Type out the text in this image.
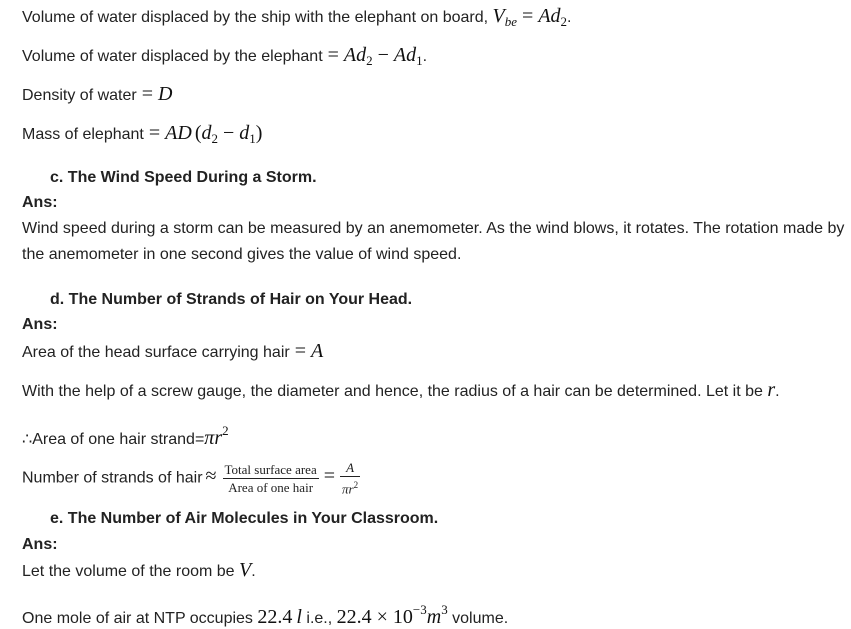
Volume of water displaced by the ship with the elephant on board, $V_{be} = Ad_2$.
Volume of water displaced by the elephant = $Ad_2 - Ad_1$.
Density of water = D
Mass of elephant = AD $(d_2 - d_1)$
c. The Wind Speed During a Storm.
Ans:
Wind speed during a storm can be measured by an anemometer. As the wind blows, it rotates. The rotation made by the anemometer in one second gives the value of wind speed.
d. The Number of Strands of Hair on Your Head.
Ans:
Area of the head surface carrying hair = A
With the help of a screw gauge, the diameter and hence, the radius of a hair can be determined. Let it be r.
∴Area of one hair $strand=\pi r^2$
Number of strands of hair ≈ $\frac{\text{Total surface area}}{\text{Area of one hair}} = \frac{A}{\pi r^2}$
e. The Number of Air Molecules in Your Classroom.
Ans:
Let the volume of the room be V.
One mole of air at NTP occupies 22.4 l i.e., $22.4 \times 10^{-3}m^3$ volume.
